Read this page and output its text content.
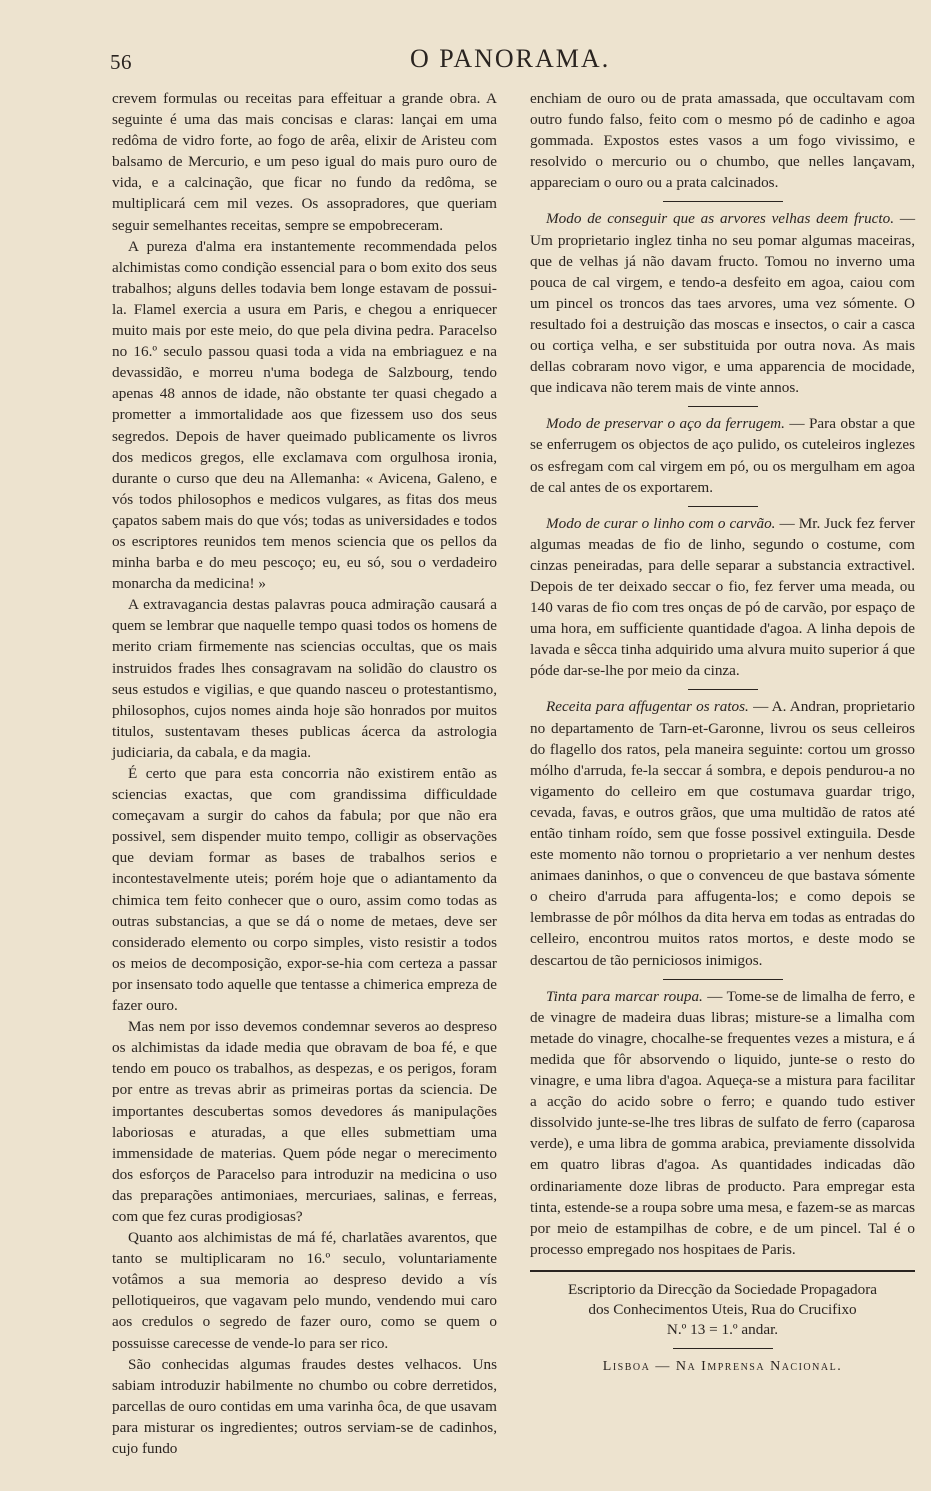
56	O PANORAMA.

crevem formulas ou receitas para effeituar a grande obra. A seguinte é uma das mais concisas e claras: lançai em uma redôma de vidro forte, ao fogo de arêa, elixir de Aristeu com balsamo de Mercurio, e um peso igual do mais puro ouro de vida, e a calcinação, que ficar no fundo da redôma, se multiplicará cem mil vezes. Os assopradores, que queriam seguir semelhantes receitas, sempre se empobreceram.

A pureza d'alma era instantemente recommendada pelos alchimistas como condição essencial para o bom exito dos seus trabalhos; alguns delles todavia bem longe estavam de possui-la. Flamel exercia a usura em Paris, e chegou a enriquecer muito mais por este meio, do que pela divina pedra. Paracelso no 16.º seculo passou quasi toda a vida na embriaguez e na devassidão, e morreu n'uma bodega de Salzbourg, tendo apenas 48 annos de idade, não obstante ter quasi chegado a prometter a immortalidade aos que fizessem uso dos seus segredos. Depois de haver queimado publicamente os livros dos medicos gregos, elle exclamava com orgulhosa ironia, durante o curso que deu na Allemanha: « Avicena, Galeno, e vós todos philosophos e medicos vulgares, as fitas dos meus çapatos sabem mais do que vós; todas as universidades e todos os escriptores reunidos tem menos sciencia que os pellos da minha barba e do meu pescoço; eu, eu só, sou o verdadeiro monarcha da medicina! »

A extravagancia destas palavras pouca admiração causará a quem se lembrar que naquelle tempo quasi todos os homens de merito criam firmemente nas sciencias occultas, que os mais instruidos frades lhes consagravam na solidão do claustro os seus estudos e vigilias, e que quando nasceu o protestantismo, philosophos, cujos nomes ainda hoje são honrados por muitos titulos, sustentavam theses publicas ácerca da astrologia judiciaria, da cabala, e da magia.

É certo que para esta concorria não existirem então as sciencias exactas, que com grandissima difficuldade começavam a surgir do cahos da fabula; por que não era possivel, sem dispender muito tempo, colligir as observações que deviam formar as bases de trabalhos serios e incontestavelmente uteis; porém hoje que o adiantamento da chimica tem feito conhecer que o ouro, assim como todas as outras substancias, a que se dá o nome de metaes, deve ser considerado elemento ou corpo simples, visto resistir a todos os meios de decomposição, expor-se-hia com certeza a passar por insensato todo aquelle que tentasse a chimerica empreza de fazer ouro.

Mas nem por isso devemos condemnar severos ao despreso os alchimistas da idade media que obravam de boa fé, e que tendo em pouco os trabalhos, as despezas, e os perigos, foram por entre as trevas abrir as primeiras portas da sciencia. De importantes descubertas somos devedores ás manipulações laboriosas e aturadas, a que elles submettiam uma immensidade de materias. Quem póde negar o merecimento dos esforços de Paracelso para introduzir na medicina o uso das preparações antimoniaes, mercuriaes, salinas, e ferreas, com que fez curas prodigiosas?

Quanto aos alchimistas de má fé, charlatães avarentos, que tanto se multiplicaram no 16.º seculo, voluntariamente votâmos a sua memoria ao despreso devido a vís pellotiqueiros, que vagavam pelo mundo, vendendo mui caro aos credulos o segredo de fazer ouro, como se quem o possuisse carecesse de vende-lo para ser rico.

São conhecidas algumas fraudes destes velhacos. Uns sabiam introduzir habilmente no chumbo ou cobre derretidos, parcellas de ouro contidas em uma varinha ôca, de que usavam para misturar os ingredientes; outros serviam-se de cadinhos, cujo fundo

enchiam de ouro ou de prata amassada, que occultavam com outro fundo falso, feito com o mesmo pó de cadinho e agoa gommada. Expostos estes vasos a um fogo vivissimo, e resolvido o mercurio ou o chumbo, que nelles lançavam, appareciam o ouro ou a prata calcinados.

Modo de conseguir que as arvores velhas deem fructo. — Um proprietario inglez tinha no seu pomar algumas maceiras, que de velhas já não davam fructo. Tomou no inverno uma pouca de cal virgem, e tendo-a desfeito em agoa, caiou com um pincel os troncos das taes arvores, uma vez sómente. O resultado foi a destruição das moscas e insectos, o cair a casca ou cortiça velha, e ser substituida por outra nova. As mais dellas cobraram novo vigor, e uma apparencia de mocidade, que indicava não terem mais de vinte annos.

Modo de preservar o aço da ferrugem. — Para obstar a que se enferrugem os objectos de aço pulido, os cuteleiros inglezes os esfregam com cal virgem em pó, ou os mergulham em agoa de cal antes de os exportarem.

Modo de curar o linho com o carvão. — Mr. Juck fez ferver algumas meadas de fio de linho, segundo o costume, com cinzas peneiradas, para delle separar a substancia extractivel. Depois de ter deixado seccar o fio, fez ferver uma meada, ou 140 varas de fio com tres onças de pó de carvão, por espaço de uma hora, em sufficiente quantidade d'agoa. A linha depois de lavada e sêcca tinha adquirido uma alvura muito superior á que póde dar-se-lhe por meio da cinza.

Receita para affugentar os ratos. — A. Andran, proprietario no departamento de Tarn-et-Garonne, livrou os seus celleiros do flagello dos ratos, pela maneira seguinte: cortou um grosso mólho d'arruda, fe-la seccar á sombra, e depois pendurou-a no vigamento do celleiro em que costumava guardar trigo, cevada, favas, e outros grãos, que uma multidão de ratos até então tinham roído, sem que fosse possivel extinguila. Desde este momento não tornou o proprietario a ver nenhum destes animaes daninhos, o que o convenceu de que bastava sómente o cheiro d'arruda para affugenta-los; e como depois se lembrasse de pôr mólhos da dita herva em todas as entradas do celleiro, encontrou muitos ratos mortos, e deste modo se descartou de tão perniciosos inimigos.

Tinta para marcar roupa. — Tome-se de limalha de ferro, e de vinagre de madeira duas libras; misture-se a limalha com metade do vinagre, chocalhe-se frequentes vezes a mistura, e á medida que fôr absorvendo o liquido, junte-se o resto do vinagre, e uma libra d'agoa. Aqueça-se a mistura para facilitar a acção do acido sobre o ferro; e quando tudo estiver dissolvido junte-se-lhe tres libras de sulfato de ferro (caparosa verde), e uma libra de gomma arabica, previamente dissolvida em quatro libras d'agoa. As quantidades indicadas dão ordinariamente doze libras de producto. Para empregar esta tinta, estende-se a roupa sobre uma mesa, e fazem-se as marcas por meio de estampilhas de cobre, e de um pincel. Tal é o processo empregado nos hospitaes de Paris.

Escriptorio da Direcção da Sociedade Propagadora
dos Conhecimentos Uteis, Rua do Crucifixo
N.º 13 = 1.º andar.
Lisboa — Na Imprensa Nacional.
